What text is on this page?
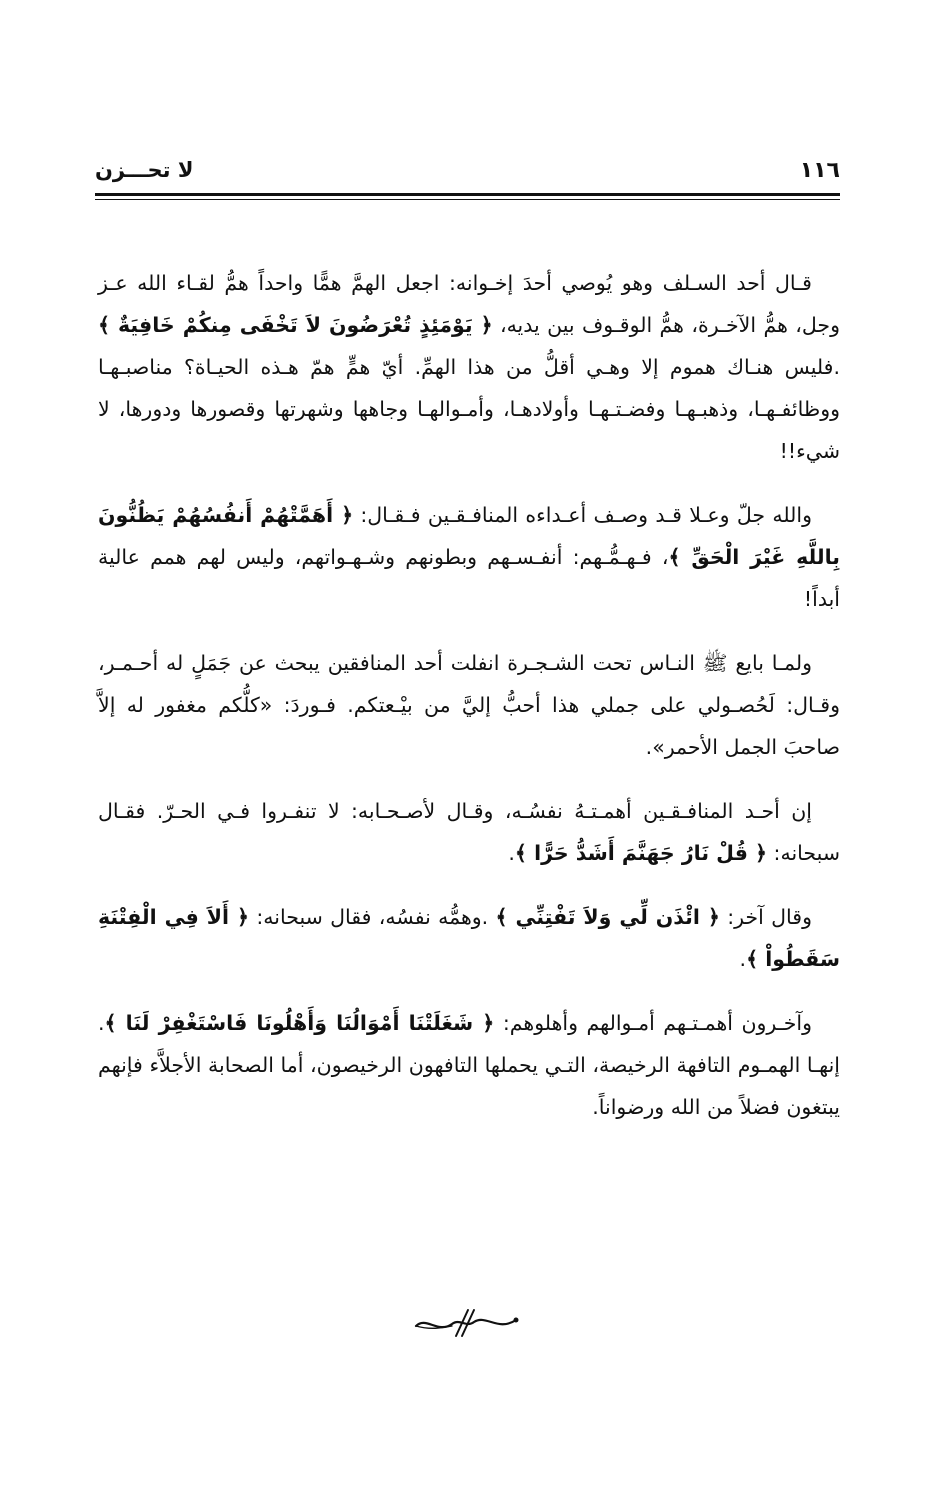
١١٦
لا تحـــزن

قـال أحد السـلف وهو يُوصي أحدَ إخـوانه: اجعل الهمَّ همًّا واحداً همُّ لقـاء الله عـز وجل، همُّ الآخـرة، همُّ الوقـوف بين يديه، ﴿ يَوْمَئِذٍ تُعْرَضُونَ لاَ تَخْفَى مِنكُمْ خَافِيَةٌ ﴾ .فليس هنـاك هموم إلا وهـي أقلُّ من هذا الهمِّ. أيّ همٍّ همّ هـذه الحيـاة؟ مناصبـهـا ووظائفـهـا، وذهبـهـا وفضـتـهـا وأولادهـا، وأمـوالهـا وجاهها وشهرتها وقصورها ودورها، لا شيء!!

والله جلّ وعـلا قـد وصـف أعـداءه المنافـقـين فـقـال: ﴿ أَهَمَّتْهُمْ أَنفُسُهُمْ يَظُنُّونَ بِاللَّهِ غَيْرَ الْحَقِّ ﴾، فـهـمُّـهم: أنفـسـهم وبطونهم وشـهـواتهم، وليس لهم همم عالية أبداً!

ولمـا بايع ﷺ النـاس تحت الشـجـرة انفلت أحد المنافقين يبحث عن جَمَلٍ له أحـمـر، وقـال: لَحُصـولي على جملي هذا أحبُّ إليَّ من بيْـعتكم. فـوردَ: «كلُّكم مغفور له إلاَّ صاحبَ الجمل الأحمر».

إن أحـد المنافـقـين أهمـتـهُ نفسُـه، وقـال لأصـحـابه: لا تنفـروا فـي الحـرّ. فقـال سبحانه: ﴿ قُلْ نَارُ جَهَنَّمَ أَشَدُّ حَرًّا ﴾.

وقال آخر: ﴿ ائْذَن لِّي وَلاَ تَفْتِنِّي ﴾ .وهمُّه نفسُه، فقال سبحانه: ﴿ أَلاَ فِي الْفِتْنَةِ سَقَطُواْ ﴾.

وآخـرون أهمـتـهم أمـوالهم وأهلوهم: ﴿ شَغَلَتْنَا أَمْوَالُنَا وَأَهْلُونَا فَاسْتَغْفِرْ لَنَا ﴾. إنهـا الهمـوم التافهة الرخيصة، التـي يحملها التافهون الرخيصون، أما الصحابة الأجلاَّء فإنهم يبتغون فضلاً من الله ورضواناً.
